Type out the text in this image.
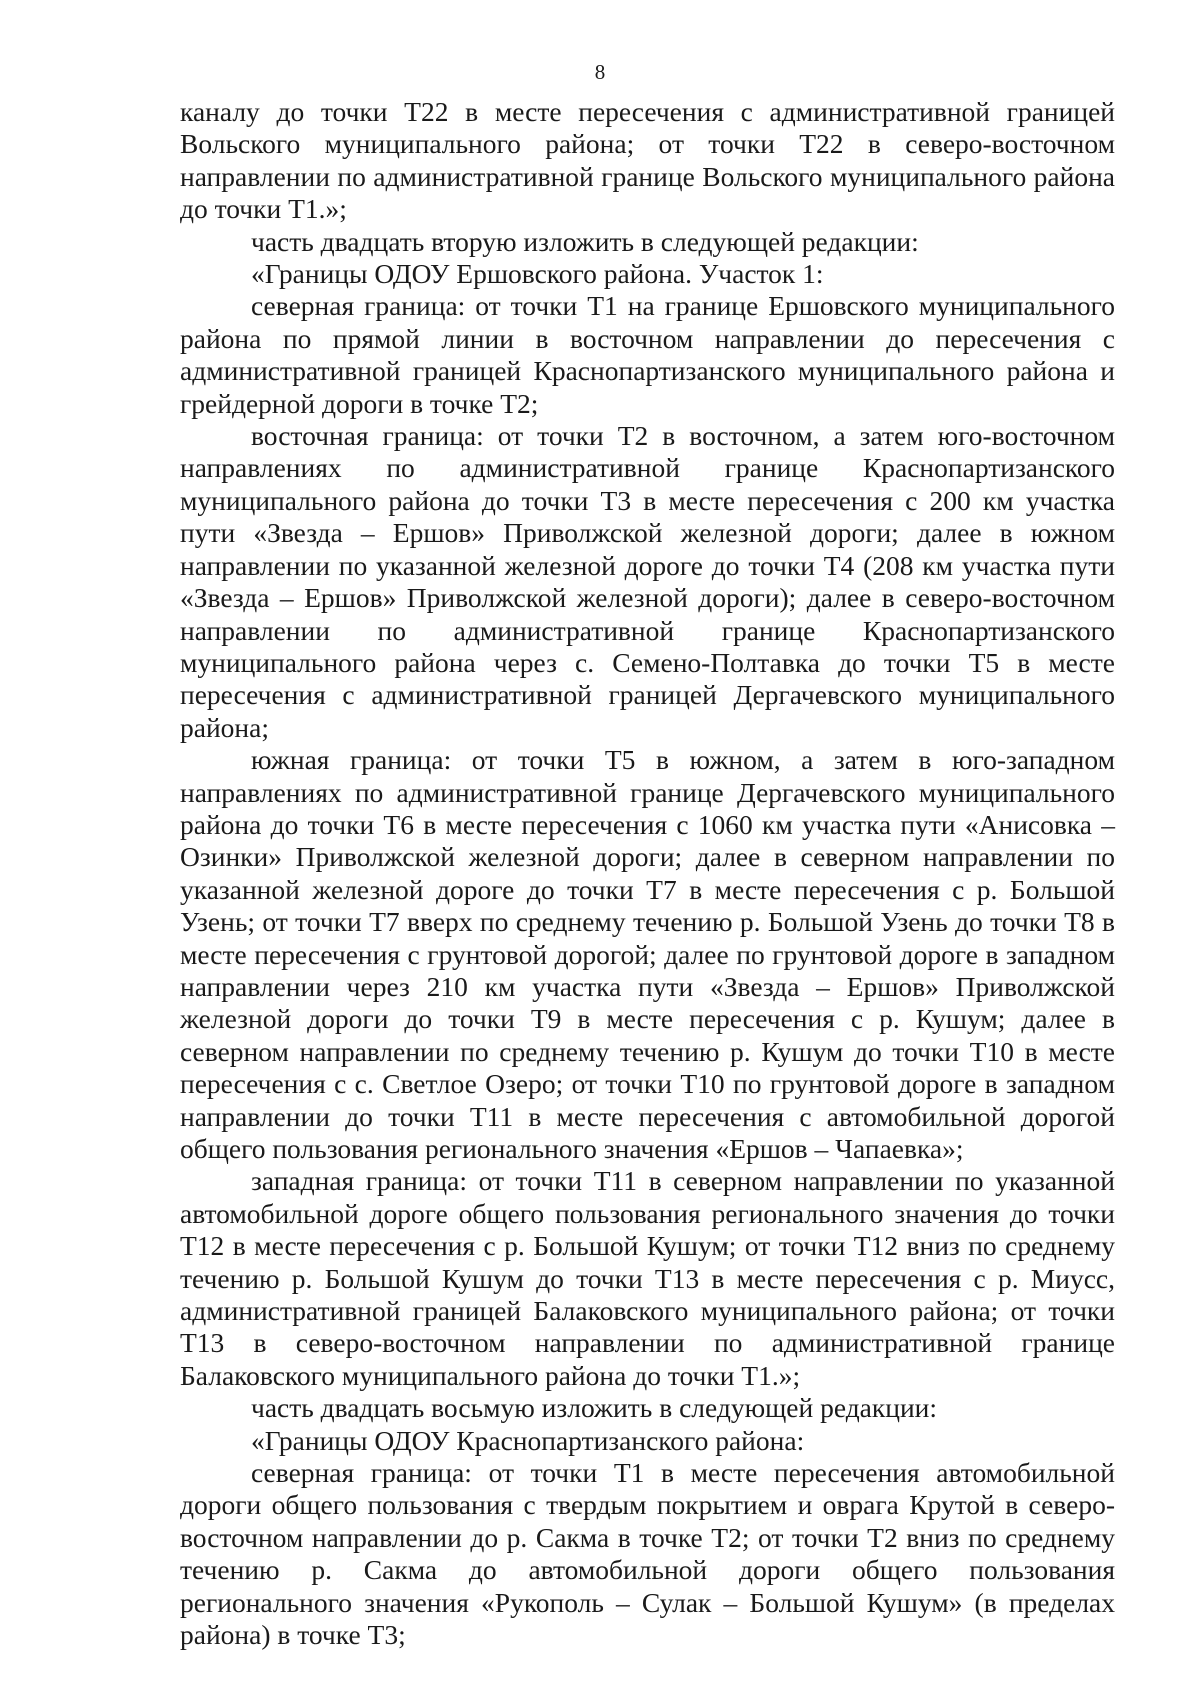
8

каналу до точки Т22 в месте пересечения с административной границей Вольского муниципального района; от точки Т22 в северо-восточном направлении по административной границе Вольского муниципального района до точки Т1.»;

часть двадцать вторую изложить в следующей редакции:

«Границы ОДОУ Ершовского района. Участок 1:

северная граница: от точки Т1 на границе Ершовского муниципального района по прямой линии в восточном направлении до пересечения с административной границей Краснопартизанского муниципального района и грейдерной дороги в точке Т2;

восточная граница: от точки Т2 в восточном, а затем юго-восточном направлениях по административной границе Краснопартизанского муниципального района до точки Т3 в месте пересечения с 200 км участка пути «Звезда – Ершов» Приволжской железной дороги; далее в южном направлении по указанной железной дороге до точки Т4 (208 км участка пути «Звезда – Ершов» Приволжской железной дороги); далее в северо-восточном направлении по административной границе Краснопартизанского муниципального района через с. Семено-Полтавка до точки Т5 в месте пересечения с административной границей Дергачевского муниципального района;

южная граница: от точки Т5 в южном, а затем в юго-западном направлениях по административной границе Дергачевского муниципального района до точки Т6 в месте пересечения с 1060 км участка пути «Анисовка – Озинки» Приволжской железной дороги; далее в северном направлении по указанной железной дороге до точки Т7 в месте пересечения с р. Большой Узень; от точки Т7 вверх по среднему течению р. Большой Узень до точки Т8 в месте пересечения с грунтовой дорогой; далее по грунтовой дороге в западном направлении через 210 км участка пути «Звезда – Ершов» Приволжской железной дороги до точки Т9 в месте пересечения с р. Кушум; далее в северном направлении по среднему течению р. Кушум до точки Т10 в месте пересечения с с. Светлое Озеро; от точки Т10 по грунтовой дороге в западном направлении до точки Т11 в месте пересечения с автомобильной дорогой общего пользования регионального значения «Ершов – Чапаевка»;

западная граница: от точки Т11 в северном направлении по указанной автомобильной дороге общего пользования регионального значения до точки Т12 в месте пересечения с р. Большой Кушум; от точки Т12 вниз по среднему течению р. Большой Кушум до точки Т13 в месте пересечения с р. Миусс, административной границей Балаковского муниципального района; от точки Т13 в северо-восточном направлении по административной границе Балаковского муниципального района до точки Т1.»;

часть двадцать восьмую изложить в следующей редакции:

«Границы ОДОУ Краснопартизанского района:

северная граница: от точки Т1 в месте пересечения автомобильной дороги общего пользования с твердым покрытием и оврага Крутой в северо-восточном направлении до р. Сакма в точке Т2; от точки Т2 вниз по среднему течению р. Сакма до автомобильной дороги общего пользования регионального значения «Рукополь – Сулак – Большой Кушум» (в пределах района) в точке Т3;
